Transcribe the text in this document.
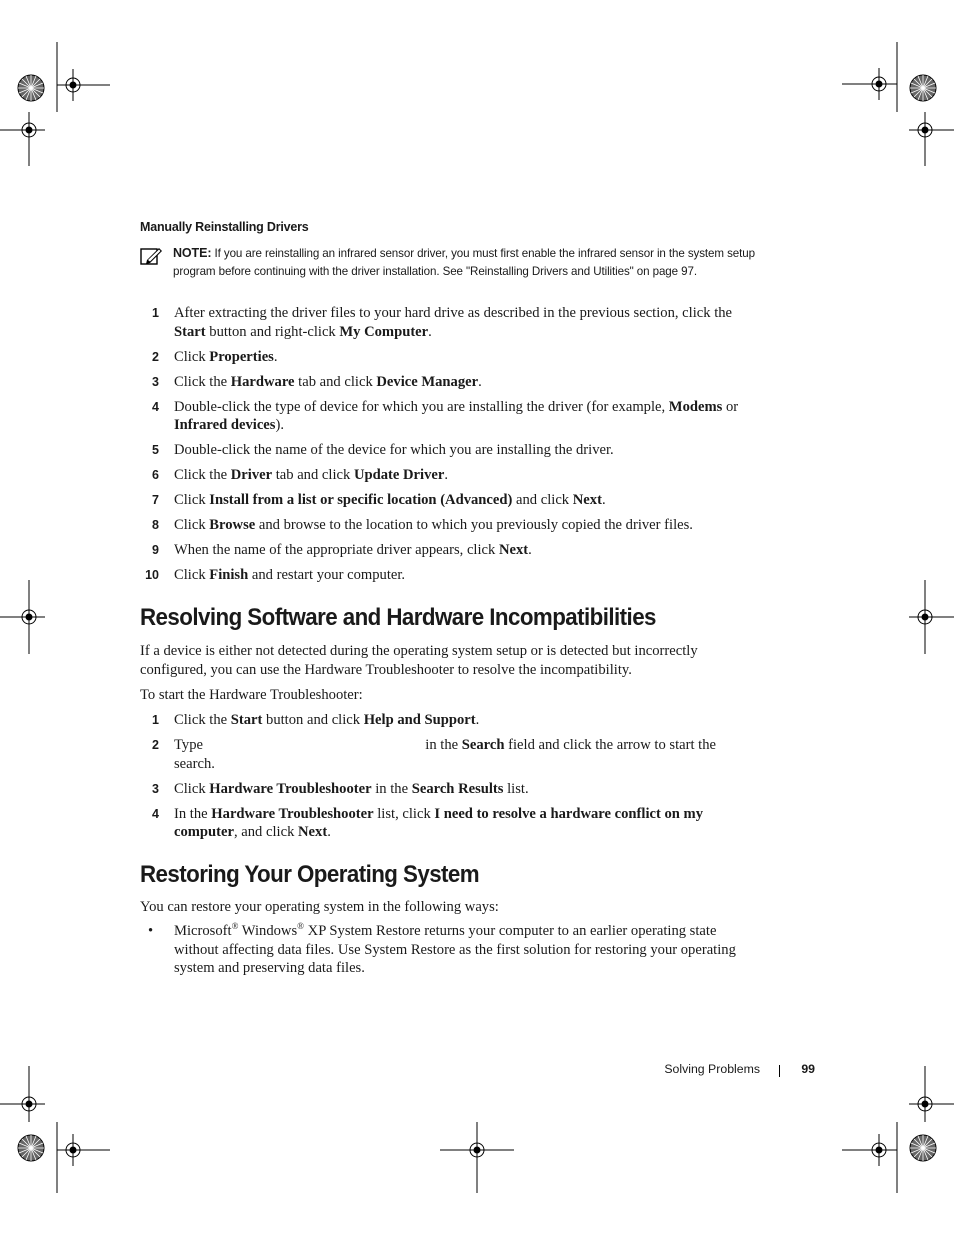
Manually Reinstalling Drivers
NOTE: If you are reinstalling an infrared sensor driver, you must first enable the infrared sensor in the system setup program before continuing with the driver installation. See "Reinstalling Drivers and Utilities" on page 97.
1 After extracting the driver files to your hard drive as described in the previous section, click the Start button and right-click My Computer.
2 Click Properties.
3 Click the Hardware tab and click Device Manager.
4 Double-click the type of device for which you are installing the driver (for example, Modems or Infrared devices).
5 Double-click the name of the device for which you are installing the driver.
6 Click the Driver tab and click Update Driver.
7 Click Install from a list or specific location (Advanced) and click Next.
8 Click Browse and browse to the location to which you previously copied the driver files.
9 When the name of the appropriate driver appears, click Next.
10 Click Finish and restart your computer.
Resolving Software and Hardware Incompatibilities
If a device is either not detected during the operating system setup or is detected but incorrectly configured, you can use the Hardware Troubleshooter to resolve the incompatibility.
To start the Hardware Troubleshooter:
1 Click the Start button and click Help and Support.
2 Type	in the Search field and click the arrow to start the search.
3 Click Hardware Troubleshooter in the Search Results list.
4 In the Hardware Troubleshooter list, click I need to resolve a hardware conflict on my computer, and click Next.
Restoring Your Operating System
You can restore your operating system in the following ways:
• Microsoft® Windows® XP System Restore returns your computer to an earlier operating state without affecting data files. Use System Restore as the first solution for restoring your operating system and preserving data files.
Solving Problems	99
